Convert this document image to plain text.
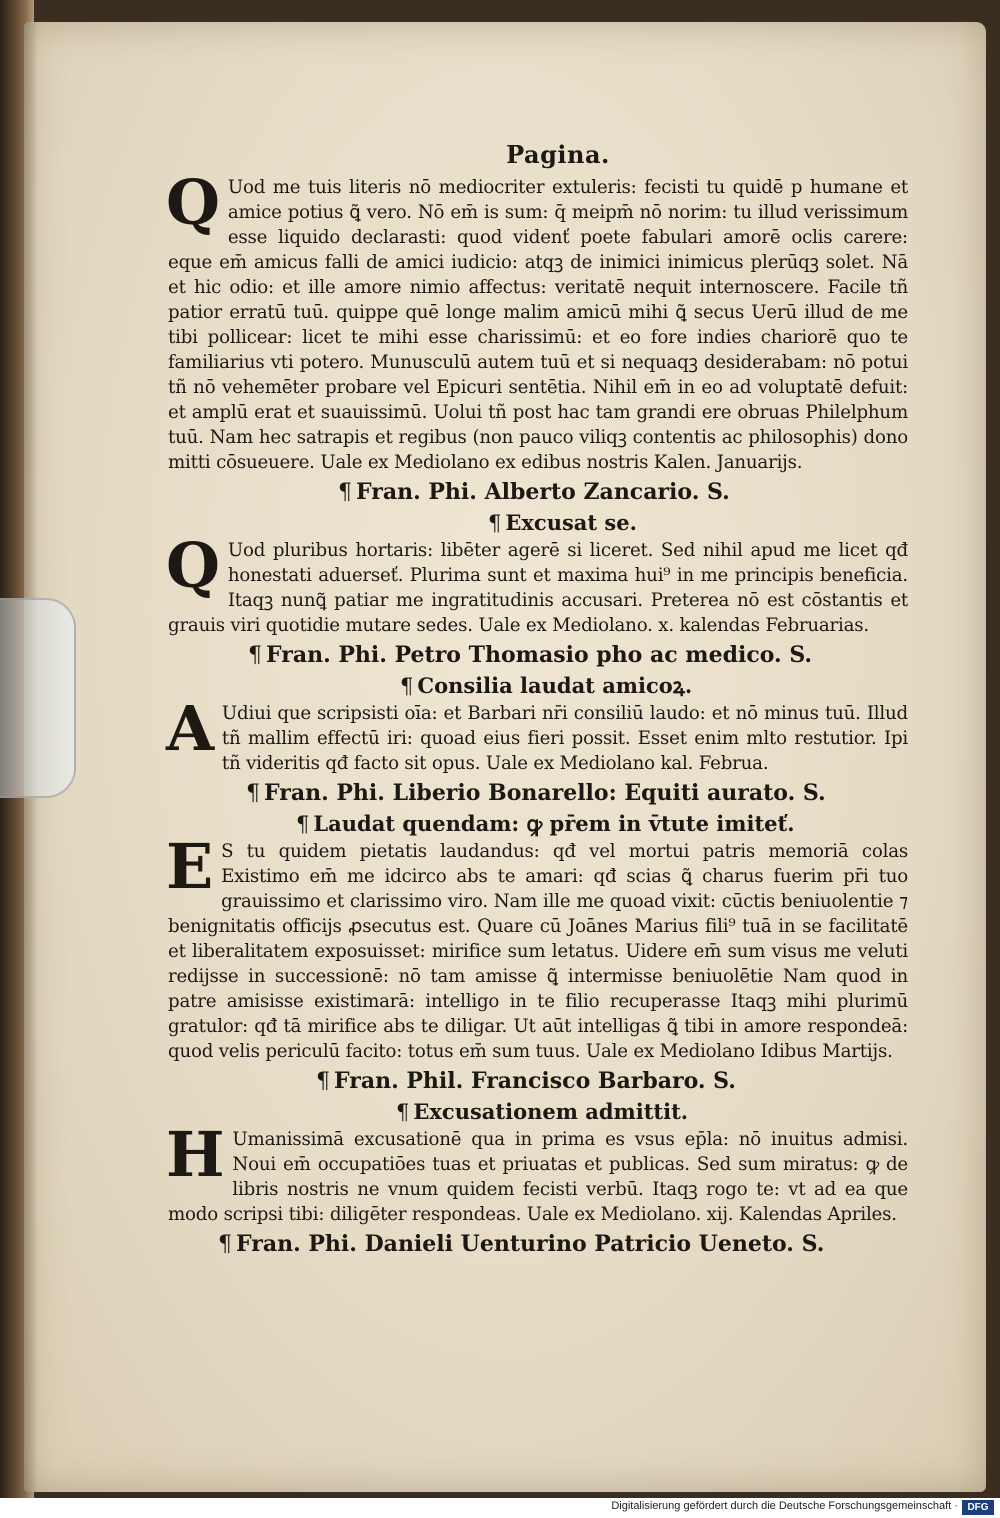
Pagina.

Q Uod me tuis literis nō mediocriter extuleris: fecisti tu quidē p humane et amice potius ꝗ̃ vero. Nō em̄ is sum: q̄ meipm̄ nō norim: tu illud verissimum esse liquido declarasti: quod videnť poete fabulari amorē oclis carere: eque em̄ amicus falli de amici iudicio: atqꝫ de inimici inimicus plerūqꝫ solet. Nā et hic odio: et ille amore nimio affectus: veritatē nequit internoscere. Facile tñ patior erratū tuū. quippe quē longe malim amicū mihi ꝗ̃ secus Uerū illud de me tibi pollicear: licet te mihi esse charissimū: et eo fore indies chariorē quo te familiarius vti potero. Munusculū autem tuū et si nequaqꝫ desiderabam: nō potui tñ nō vehemēter probare vel Epicuri sentētia. Nihil em̄ in eo ad voluptatē defuit: et amplū erat et suauissimū. Uolui tñ post hac tam grandi ere obruas Philelphum tuū. Nam hec satrapis et regibus (non pauco viliqꝫ contentis ac philosophis) dono mitti cōsueuere. Uale ex Mediolano ex edibus nostris Kalen. Januarijs.

¶ Fran. Phi. Alberto Zancario. S.
¶ Excusat se.

Q Uod pluribus hortaris: libēter agerē si liceret. Sed nihil apud me licet qđ honestati aduerseť. Plurima sunt et maxima hui⁹ in me principis beneficia. Itaqꝫ nunꝗ̃ patiar me ingratitudinis accusari. Preterea nō est cōstantis et grauis viri quotidie mutare sedes. Uale ex Mediolano. x. kalendas Februarias.

¶ Fran. Phi. Petro Thomasio pho ac medico. S.
¶ Consilia laudat amicoꝝ.

A Udiui que scripsisti oīa: et Barbari nr̄i consiliū laudo: et nō minus tuū. Illud tñ mallim effectū iri: quoad eius fieri possit. Esset enim mlto restutior. Ipi tñ videritis qđ facto sit opus. Uale ex Mediolano kal. Februa.

¶ Fran. Phi. Liberio Bonarello: Equiti aurato. S.
¶ Laudat quendam: ꝙ pr̄em in v̄tute imiteť.

E S tu quidem pietatis laudandus: qđ vel mortui patris memoriā colas Existimo em̄ me idcirco abs te amari: qđ scias ꝗ̃ charus fuerim pr̄i tuo grauissimo et clarissimo viro. Nam ille me quoad vixit: cūctis beniuolentie ⁊ benignitatis officijs ꝓsecutus est. Quare cū Joānes Marius fili⁹ tuā in se facilitatē et liberalitatem exposuisset: mirifice sum letatus. Uidere em̄ sum visus me veluti redijsse in successionē: nō tam amisse ꝗ̃ intermisse beniuolētie Nam quod in patre amisisse existimarā: intelligo in te filio recuperasse Itaqꝫ mihi plurimū gratulor: qđ tā mirifice abs te diligar. Ut aūt intelligas ꝗ̃ tibi in amore respondeā: quod velis periculū facito: totus em̄ sum tuus. Uale ex Mediolano Idibus Martijs.

¶ Fran. Phil. Francisco Barbaro. S.
¶ Excusationem admittit.

H Umanissimā excusationē qua in prima es vsus ep̄la: nō inuitus admisi. Noui em̄ occupatiōes tuas et priuatas et publicas. Sed sum miratus: ꝙ de libris nostris ne vnum quidem fecisti verbū. Itaqꝫ rogo te: vt ad ea que modo scripsi tibi: diligēter respondeas. Uale ex Mediolano. xij. Kalendas Apriles.

¶ Fran. Phi. Danieli Uenturino Patricio Ueneto. S.
Digitalisierung gefördert durch die Deutsche Forschungsgemeinschaft · DFG
